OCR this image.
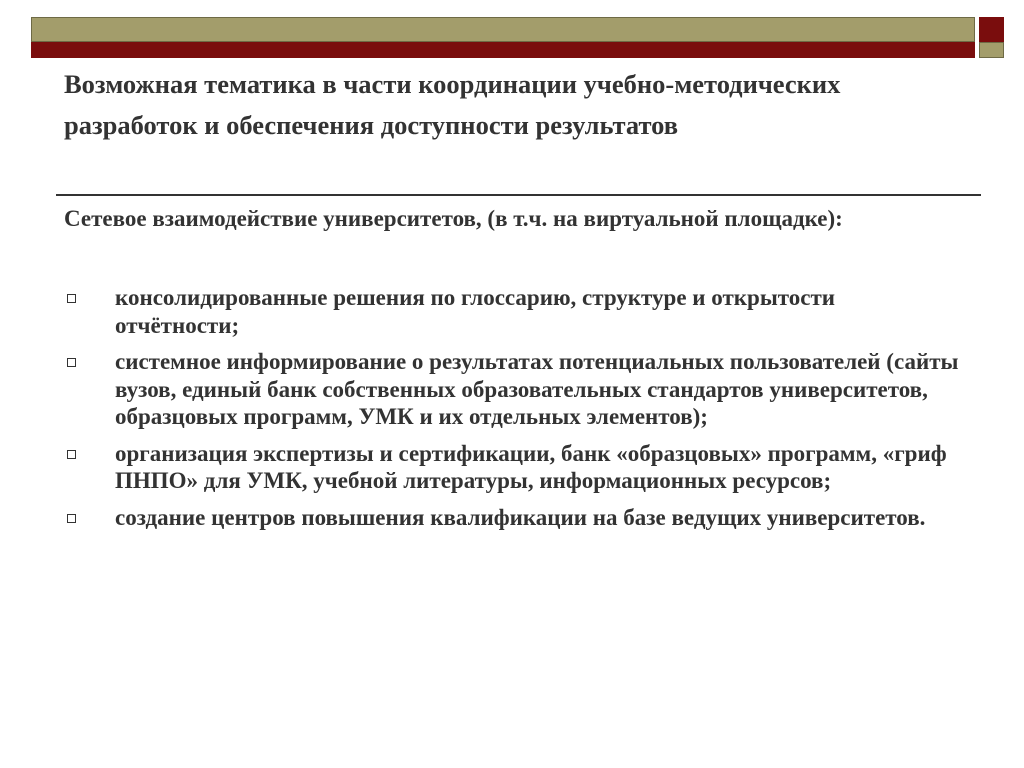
Возможная тематика в части координации учебно-методических разработок и обеспечения доступности результатов

Сетевое взаимодействие университетов, (в т.ч. на виртуальной площадке):

консолидированные решения по глоссарию, структуре и открытости отчётности;
системное информирование о результатах потенциальных пользователей (сайты вузов, единый банк собственных образовательных стандартов университетов, образцовых программ, УМК и их отдельных элементов);
организация экспертизы и сертификации, банк «образцовых» программ, «гриф ПНПО» для УМК, учебной литературы, информационных ресурсов;
создание центров повышения квалификации на базе ведущих университетов.
